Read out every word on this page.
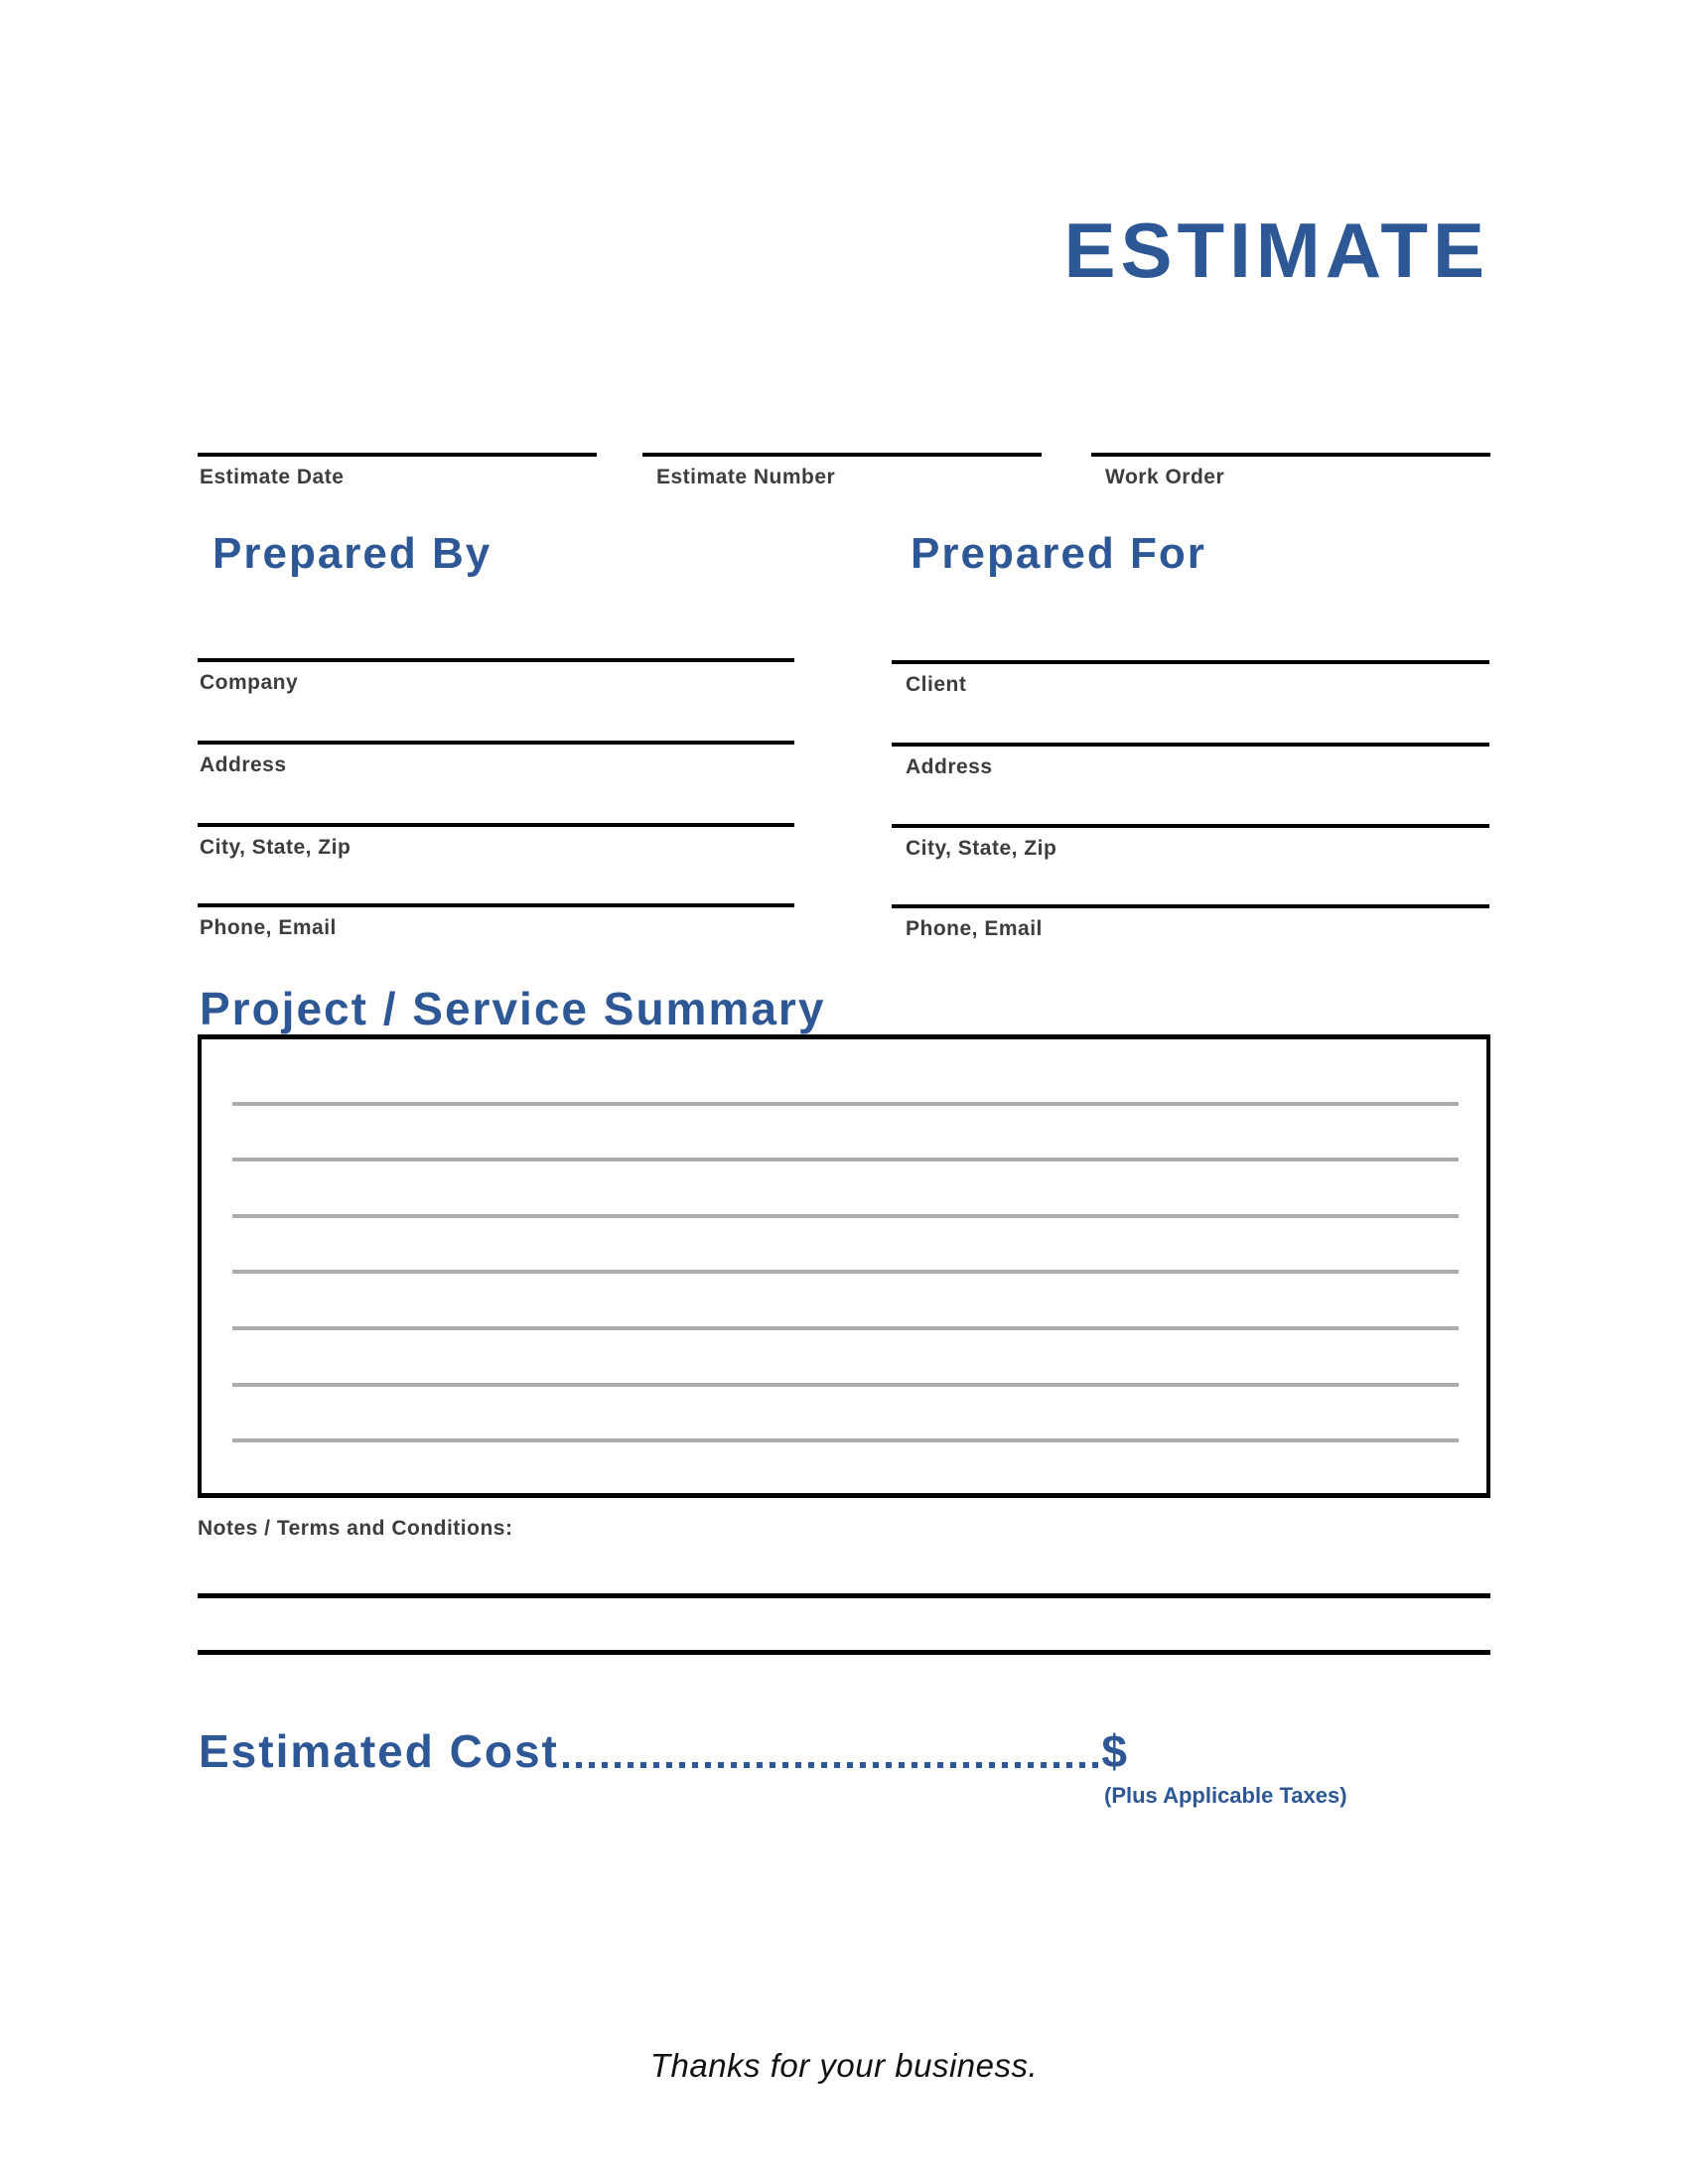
ESTIMATE
Estimate Date	Estimate Number	Work Order
Prepared By	Prepared For
Company
Address
City, State, Zip
Phone, Email
Client
Address
City, State, Zip
Phone, Email
Project / Service Summary
Notes / Terms and Conditions:
Estimated Cost	$
(Plus Applicable Taxes)
Thanks for your business.
